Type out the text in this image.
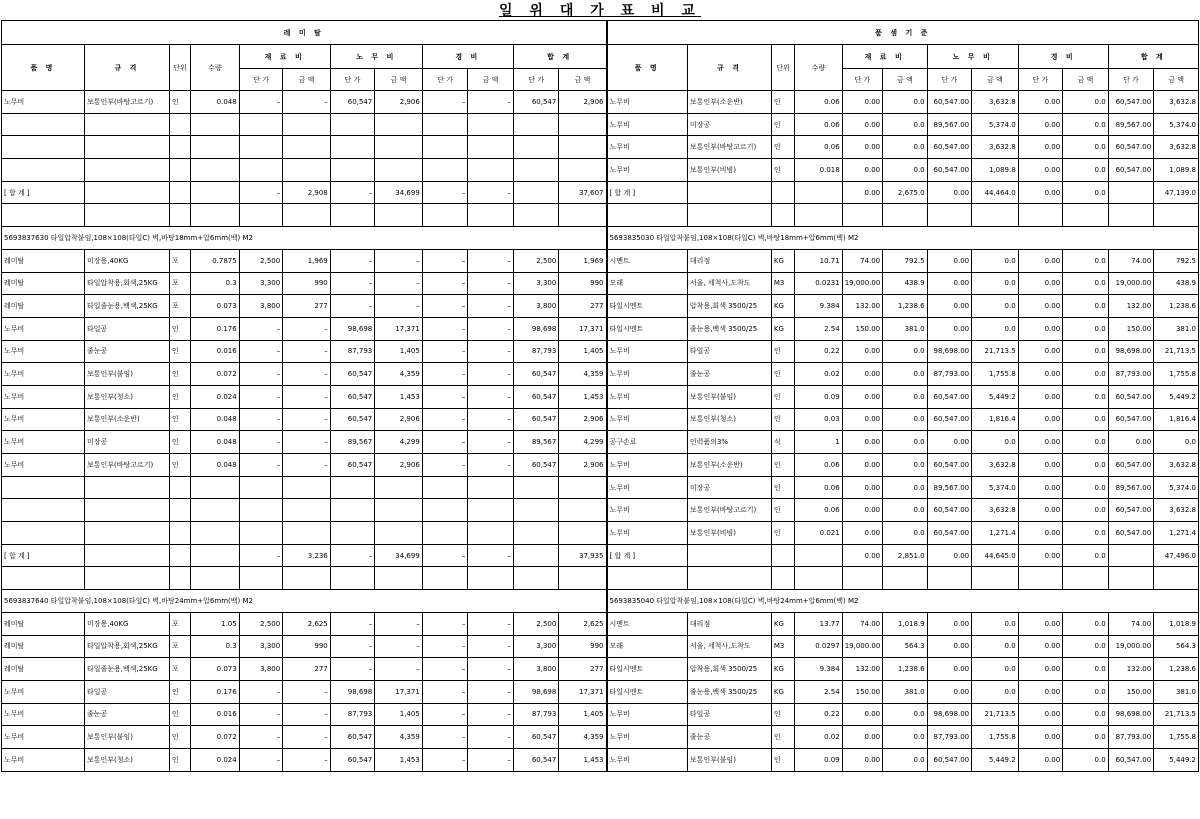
일 위 대 가 표 비 교
레 미 탈												품 셈 기 준											
품 명	규 격	단위	수량	재 료 비		노 무 비		경 비		합 계		품 명	규 격	단위	수량	재 료 비		노 무 비		경 비		합 계	
				단 가	금 액	단 가	금 액	단 가	금 액	단 가	금 액					단 가	금 액	단 가	금 액	단 가	금 액	단 가	금 액
노무비	보통인부(바탕고르기)	인	0.048	–	–	60,547	2,906	–	–	60,547	2,906	노무비	보통인부(소운반)	인	0.06	0.00	0.0	60,547.00	3,632.8	0.00	0.0	60,547.00	3,632.8
												노무비	미장공	인	0.06	0.00	0.0	89,567.00	5,374.0	0.00	0.0	89,567.00	5,374.0
												노무비	보통인부(바탕고르기)	인	0.06	0.00	0.0	60,547.00	3,632.8	0.00	0.0	60,547.00	3,632.8
												노무비	보통인부(비빔)	인	0.018	0.00	0.0	60,547.00	1,089.8	0.00	0.0	60,547.00	1,089.8
[ 합 계 ]				–	2,908	–	34,699	–	–		37,607	[ 합 계 ]				0.00	2,675.0	0.00	44,464.0	0.00	0.0		47,139.0

5693837630 타일압착붙임,108×108(타일C) 벽,바탕18mm+압6mm(백) M2												5693835030 타일압착붙임,108×108(타일C) 벽,바탕18mm+압6mm(백) M2											
레미탈	미장용,40KG	포	0.7875	2,500	1,969	–	–	–	–	2,500	1,969	시멘트	대리점	KG	10.71	74.00	792.5	0.00	0.0	0.00	0.0	74.00	792.5
레미탈	타일압착용,회색,25KG	포	0.3	3,300	990	–	–	–	–	3,300	990	모래	서울, 세척사,도착도	M3	0.0231	19,000.00	438.9	0.00	0.0	0.00	0.0	19,000.00	438.9
레미탈	타일줄눈용,백색,25KG	포	0.073	3,800	277	–	–	–	–	3,800	277	타일시멘트	압착용,회색 3500/25	KG	9.384	132.00	1,238.6	0.00	0.0	0.00	0.0	132.00	1,238.6
노무비	타일공	인	0.176	–	–	98,698	17,371	–	–	98,698	17,371	타일시멘트	줄눈용,백색 3500/25	KG	2.54	150.00	381.0	0.00	0.0	0.00	0.0	150.00	381.0
노무비	줄눈공	인	0.016	–	–	87,793	1,405	–	–	87,793	1,405	노무비	타일공	인	0.22	0.00	0.0	98,698.00	21,713.5	0.00	0.0	98,698.00	21,713.5
노무비	보통인부(붙임)	인	0.072	–	–	60,547	4,359	–	–	60,547	4,359	노무비	줄눈공	인	0.02	0.00	0.0	87,793.00	1,755.8	0.00	0.0	87,793.00	1,755.8
노무비	보통인부(청소)	인	0.024	–	–	60,547	1,453	–	–	60,547	1,453	노무비	보통인부(붙임)	인	0.09	0.00	0.0	60,547.00	5,449.2	0.00	0.0	60,547.00	5,449.2
노무비	보통인부(소운반)	인	0.048	–	–	60,547	2,906	–	–	60,547	2,906	노무비	보통인부(청소)	인	0.03	0.00	0.0	60,547.00	1,816.4	0.00	0.0	60,547.00	1,816.4
노무비	미장공	인	0.048	–	–	89,567	4,299	–	–	89,567	4,299	공구손료	인력품의3%	식	1	0.00	0.0	0.00	0.0	0.00	0.0	0.00	0.0
노무비	보통인부(바탕고르기)	인	0.048	–	–	60,547	2,906	–	–	60,547	2,906	노무비	보통인부(소운반)	인	0.06	0.00	0.0	60,547.00	3,632.8	0.00	0.0	60,547.00	3,632.8
												노무비	미장공	인	0.06	0.00	0.0	89,567.00	5,374.0	0.00	0.0	89,567.00	5,374.0
												노무비	보통인부(바탕고르기)	인	0.06	0.00	0.0	60,547.00	3,632.8	0.00	0.0	60,547.00	3,632.8
												노무비	보통인부(비빔)	인	0.021	0.00	0.0	60,547.00	1,271.4	0.00	0.0	60,547.00	1,271.4
[ 합 계 ]				–	3,236	–	34,699	–	–		37,935	[ 합 계 ]				0.00	2,851.0	0.00	44,645.0	0.00	0.0		47,496.0

5693837640 타일압착붙임,108×108(타일C) 벽,바탕24mm+압6mm(백) M2												5693835040 타일압착붙임,108×108(타일C) 벽,바탕24mm+압6mm(백) M2											
레미탈	미장용,40KG	포	1.05	2,500	2,625	–	–	–	–	2,500	2,625	시멘트	대리점	KG	13.77	74.00	1,018.9	0.00	0.0	0.00	0.0	74.00	1,018.9
레미탈	타일압착용,회색,25KG	포	0.3	3,300	990	–	–	–	–	3,300	990	모래	서울, 세척사,도착도	M3	0.0297	19,000.00	564.3	0.00	0.0	0.00	0.0	19,000.00	564.3
레미탈	타일줄눈용,백색,25KG	포	0.073	3,800	277	–	–	–	–	3,800	277	타일시멘트	압착용,회색 3500/25	KG	9.384	132.00	1,238.6	0.00	0.0	0.00	0.0	132.00	1,238.6
노무비	타일공	인	0.176	–	–	98,698	17,371	–	–	98,698	17,371	타일시멘트	줄눈용,백색 3500/25	KG	2.54	150.00	381.0	0.00	0.0	0.00	0.0	150.00	381.0
노무비	줄눈공	인	0.016	–	–	87,793	1,405	–	–	87,793	1,405	노무비	타일공	인	0.22	0.00	0.0	98,698.00	21,713.5	0.00	0.0	98,698.00	21,713.5
노무비	보통인부(붙임)	인	0.072	–	–	60,547	4,359	–	–	60,547	4,359	노무비	줄눈공	인	0.02	0.00	0.0	87,793.00	1,755.8	0.00	0.0	87,793.00	1,755.8
노무비	보통인부(청소)	인	0.024	–	–	60,547	1,453	–	–	60,547	1,453	노무비	보통인부(붙임)	인	0.09	0.00	0.0	60,547.00	5,449.2	0.00	0.0	60,547.00	5,449.2
